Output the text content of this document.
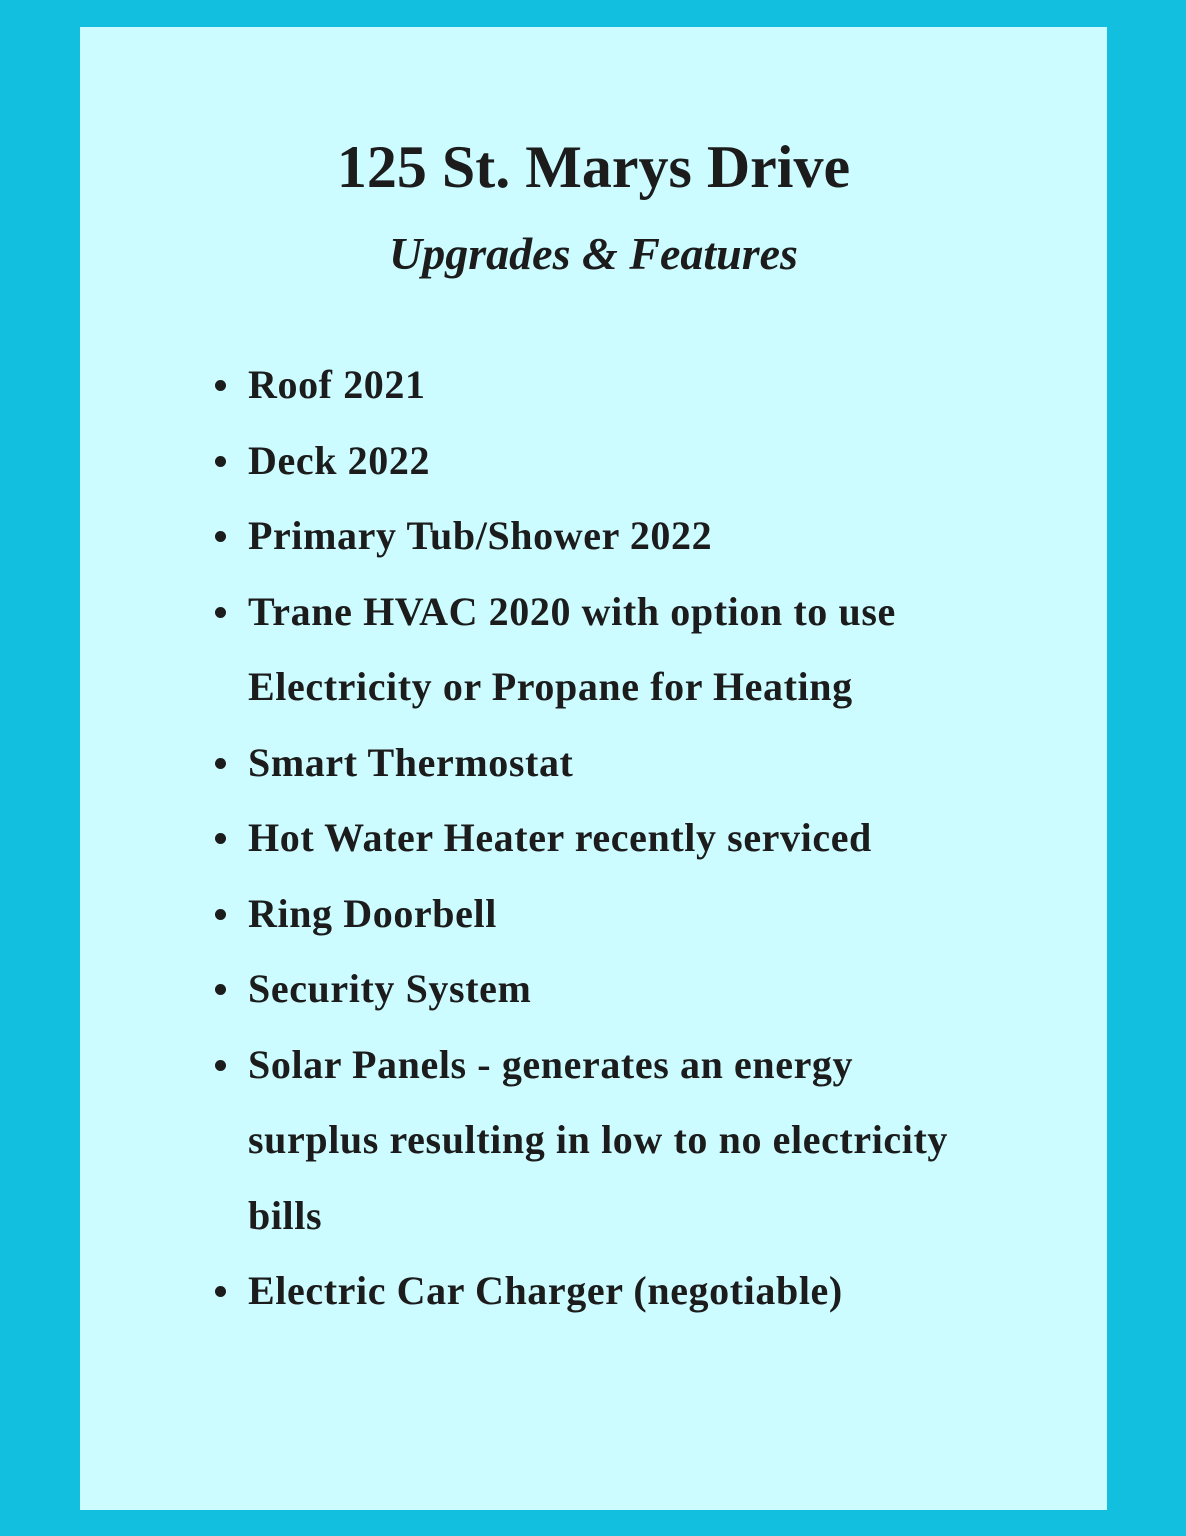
125 St. Marys Drive
Upgrades & Features
Roof 2021
Deck 2022
Primary Tub/Shower 2022
Trane HVAC 2020 with option to use Electricity or Propane for Heating
Smart Thermostat
Hot Water Heater recently serviced
Ring Doorbell
Security System
Solar Panels - generates an energy surplus resulting in low to no electricity bills
Electric Car Charger (negotiable)
